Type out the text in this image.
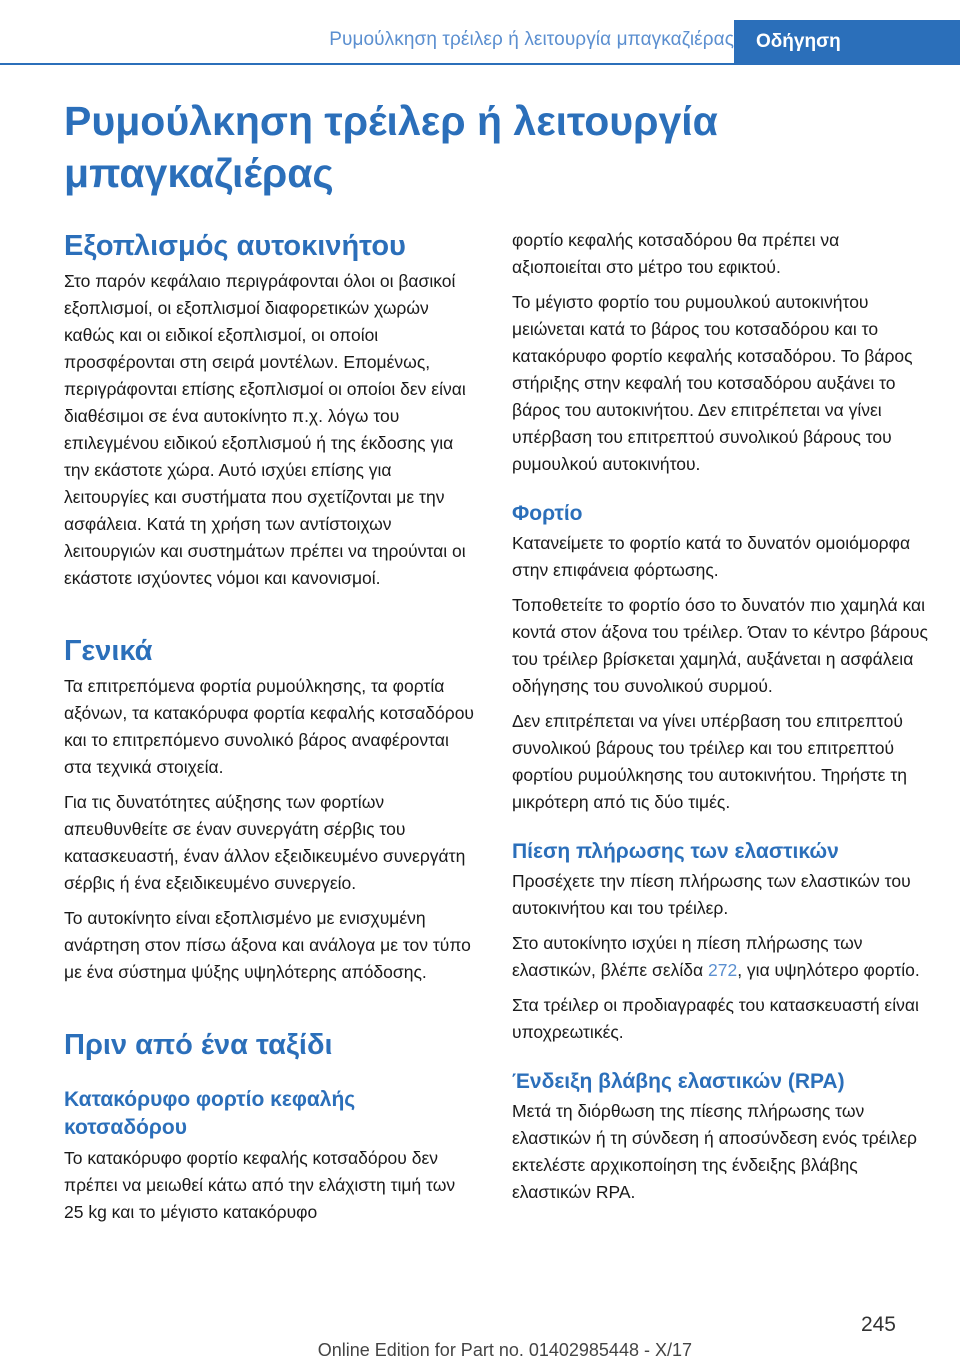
Ρυμούλκηση τρέιλερ ή λειτουργία μπαγκαζιέρας Οδήγηση
Ρυμούλκηση τρέιλερ ή λειτουργία μπαγκαζιέρας
Εξοπλισμός αυτοκινήτου

Στο παρόν κεφάλαιο περιγράφονται όλοι οι βασικοί εξοπλισμοί, οι εξοπλισμοί διαφορετικών χωρών καθώς και οι ειδικοί εξοπλισμοί, οι οποίοι προσφέρονται στη σειρά μοντέλων. Επομένως, περιγράφονται επίσης εξοπλισμοί οι οποίοι δεν είναι διαθέσιμοι σε ένα αυτοκίνητο π.χ. λόγω του επιλεγμένου ειδικού εξοπλισμού ή της έκδοσης για την εκάστοτε χώρα. Αυτό ισχύει επίσης για λειτουργίες και συστήματα που σχετίζονται με την ασφάλεια. Κατά τη χρήση των αντίστοιχων λειτουργιών και συστημάτων πρέπει να τηρούνται οι εκάστοτε ισχύοντες νόμοι και κανονισμοί.

Γενικά

Τα επιτρεπόμενα φορτία ρυμούλκησης, τα φορτία αξόνων, τα κατακόρυφα φορτία κεφαλής κοτσαδόρου και το επιτρεπόμενο συνολικό βάρος αναφέρονται στα τεχνικά στοιχεία.

Για τις δυνατότητες αύξησης των φορτίων απευθυνθείτε σε έναν συνεργάτη σέρβις του κατασκευαστή, έναν άλλον εξειδικευμένο συνεργάτη σέρβις ή ένα εξειδικευμένο συνεργείο.

Το αυτοκίνητο είναι εξοπλισμένο με ενισχυμένη ανάρτηση στον πίσω άξονα και ανάλογα με τον τύπο με ένα σύστημα ψύξης υψηλότερης απόδοσης.

Πριν από ένα ταξίδι
Κατακόρυφο φορτίο κεφαλής κοτσαδόρου

Το κατακόρυφο φορτίο κεφαλής κοτσαδόρου δεν πρέπει να μειωθεί κάτω από την ελάχιστη τιμή των 25 kg και το μέγιστο κατακόρυφο

φορτίο κεφαλής κοτσαδόρου θα πρέπει να αξιοποιείται στο μέτρο του εφικτού.

Το μέγιστο φορτίο του ρυμουλκού αυτοκινήτου μειώνεται κατά το βάρος του κοτσαδόρου και το κατακόρυφο φορτίο κεφαλής κοτσαδόρου. Το βάρος στήριξης στην κεφαλή του κοτσαδόρου αυξάνει το βάρος του αυτοκινήτου. Δεν επιτρέπεται να γίνει υπέρβαση του επιτρεπτού συνολικού βάρους του ρυμουλκού αυτοκινήτου.

Φορτίο

Κατανείμετε το φορτίο κατά το δυνατόν ομοιόμορφα στην επιφάνεια φόρτωσης.

Τοποθετείτε το φορτίο όσο το δυνατόν πιο χαμηλά και κοντά στον άξονα του τρέιλερ. Όταν το κέντρο βάρους του τρέιλερ βρίσκεται χαμηλά, αυξάνεται η ασφάλεια οδήγησης του συνολικού συρμού.

Δεν επιτρέπεται να γίνει υπέρβαση του επιτρεπτού συνολικού βάρους του τρέιλερ και του επιτρεπτού φορτίου ρυμούλκησης του αυτοκινήτου. Τηρήστε τη μικρότερη από τις δύο τιμές.

Πίεση πλήρωσης των ελαστικών

Προσέχετε την πίεση πλήρωσης των ελαστικών του αυτοκινήτου και του τρέιλερ.

Στο αυτοκίνητο ισχύει η πίεση πλήρωσης των ελαστικών, βλέπε σελίδα 272, για υψηλότερο φορτίο.

Στα τρέιλερ οι προδιαγραφές του κατασκευαστή είναι υποχρεωτικές.

Ένδειξη βλάβης ελαστικών (RPA)

Μετά τη διόρθωση της πίεσης πλήρωσης των ελαστικών ή τη σύνδεση ή αποσύνδεση ενός τρέιλερ εκτελέστε αρχικοποίηση της ένδειξης βλάβης ελαστικών RPA.

245
Online Edition for Part no. 01402985448 - X/17
